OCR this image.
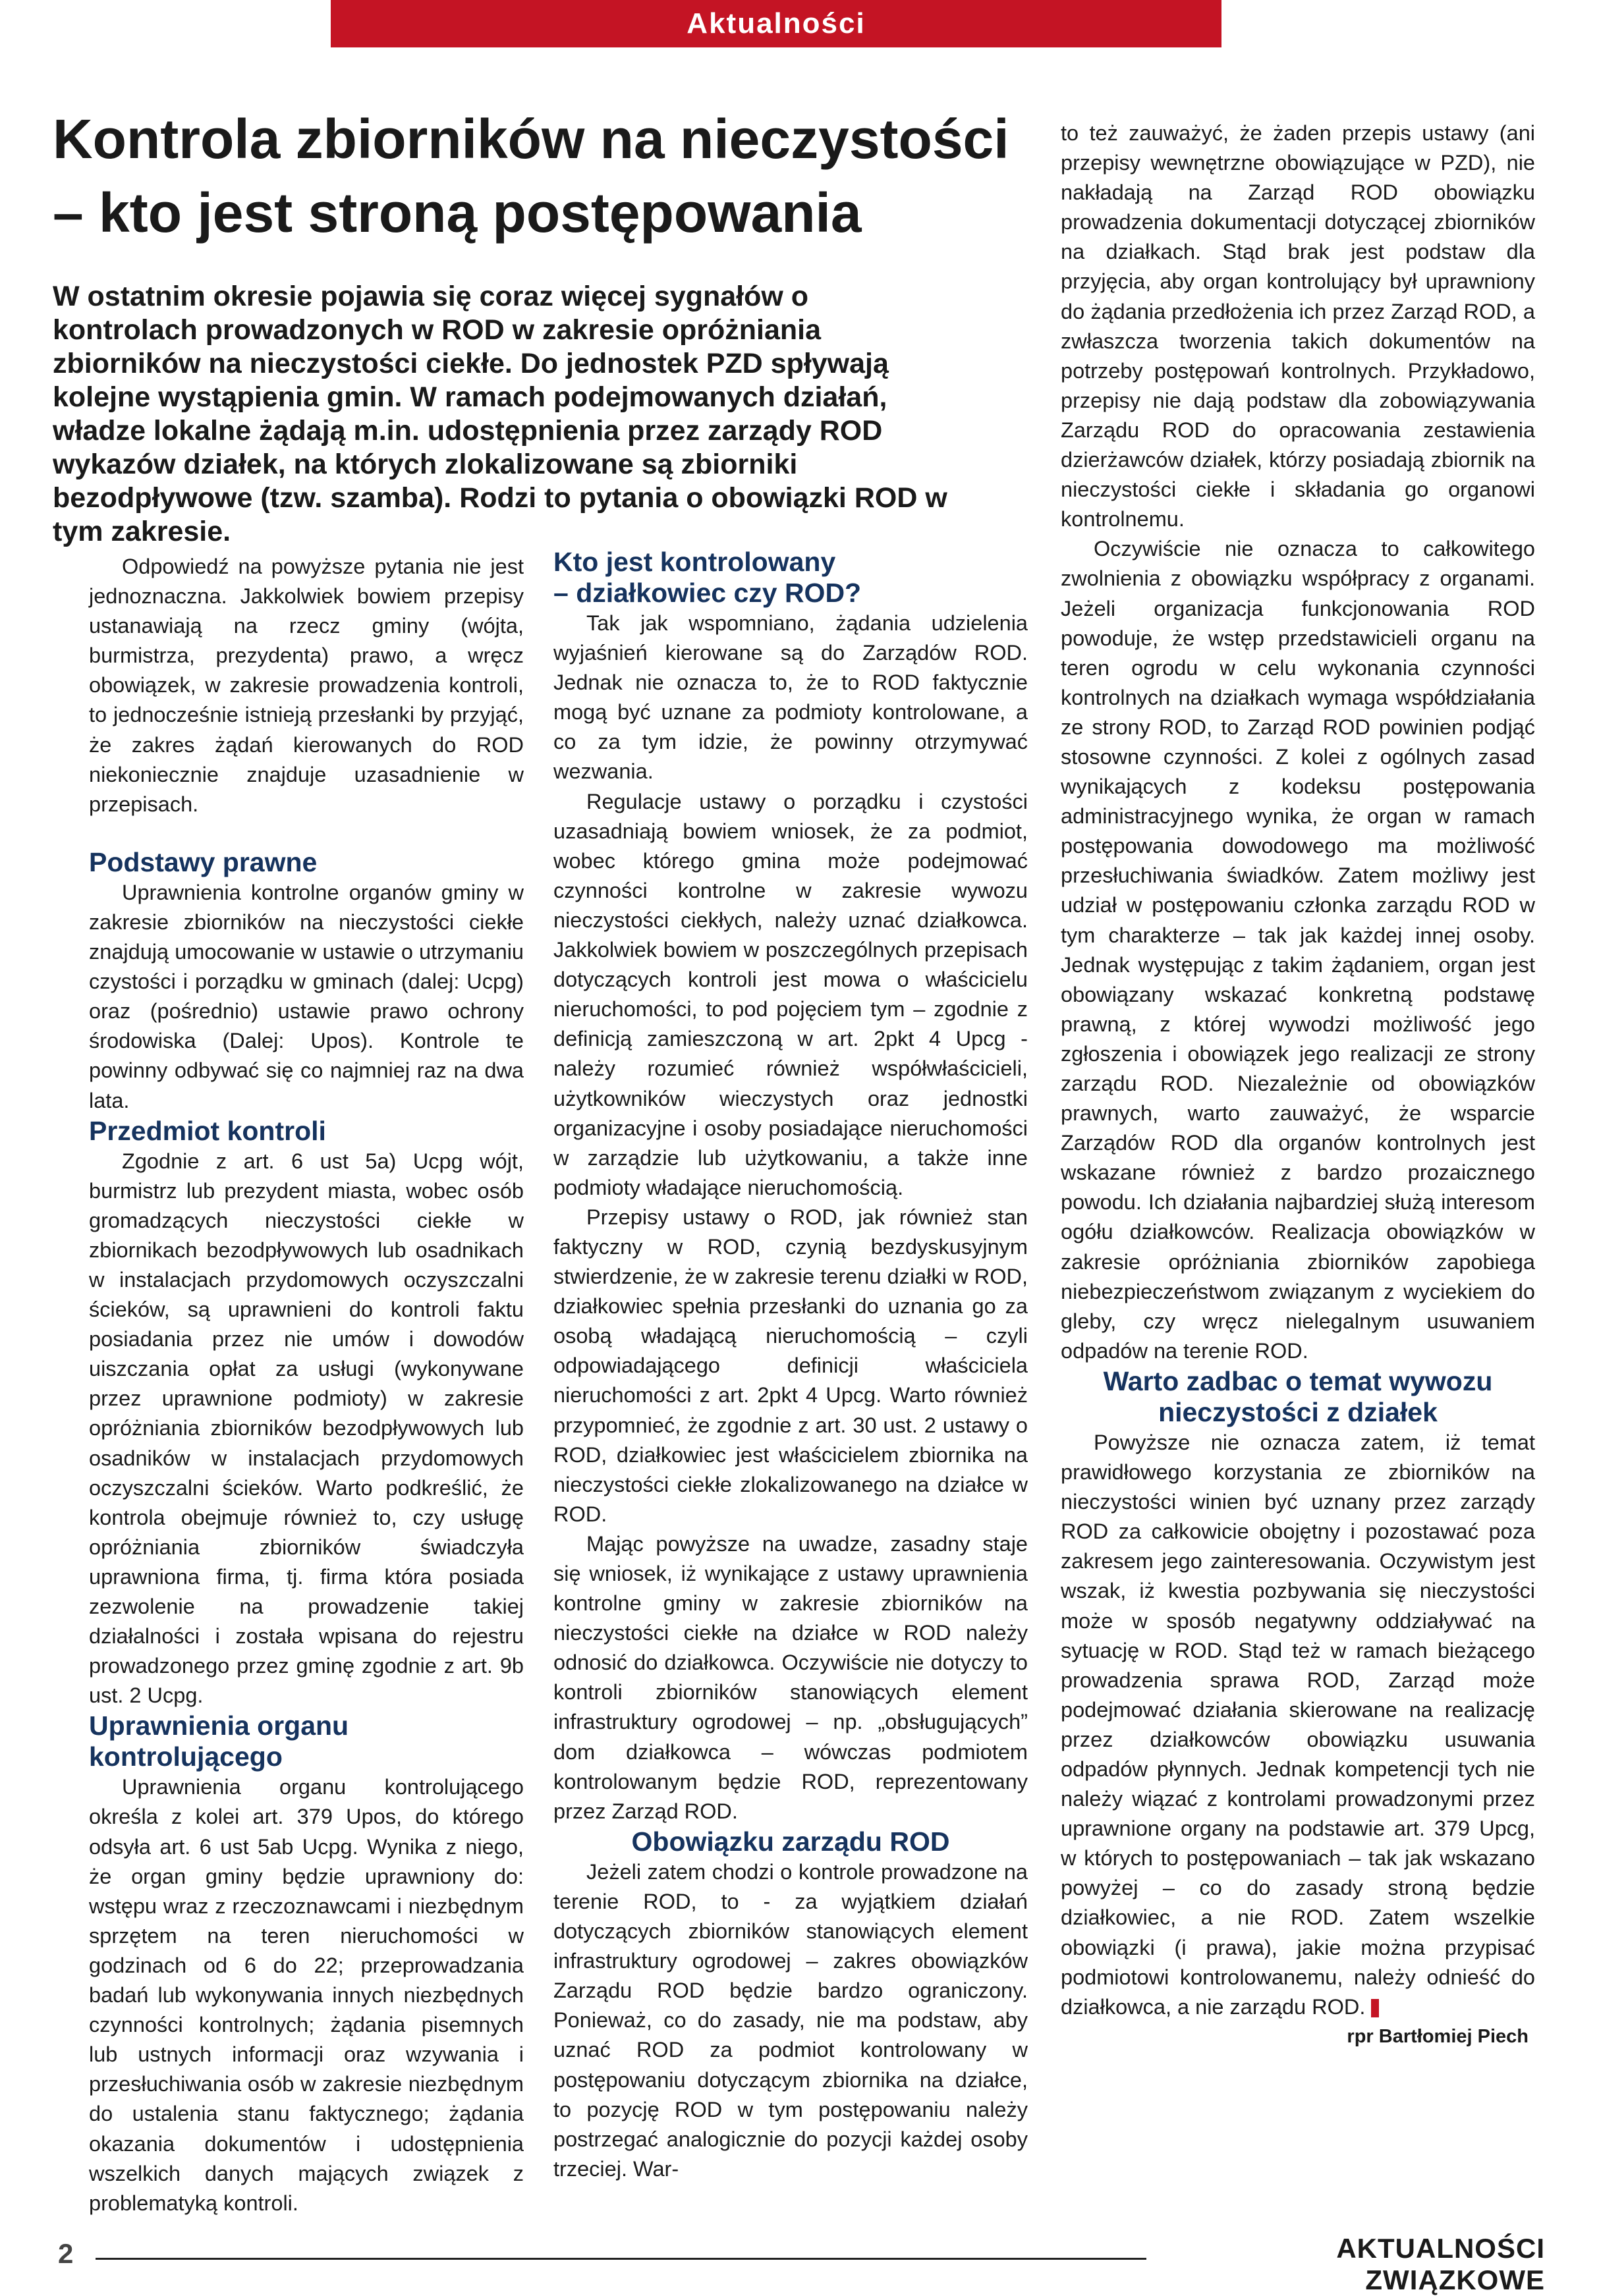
Aktualności
Kontrola zbiorników na nieczystości
– kto jest stroną postępowania
W ostatnim okresie pojawia się coraz więcej sygnałów o kontrolach prowadzonych w ROD w zakresie opróżniania zbiorników na nieczystości ciekłe. Do jednostek PZD spływają kolejne wystąpienia gmin. W ramach podejmowanych działań, władze lokalne żądają m.in. udostępnienia przez zarządy ROD wykazów działek, na których zlokalizowane są zbiorniki bezodpływowe (tzw. szamba). Rodzi to pytania o obowiązki ROD w tym zakresie.

Odpowiedź na powyższe pytania nie jest jednoznaczna. Jakkolwiek bowiem przepisy ustanawiają na rzecz gminy (wójta, burmistrza, prezydenta) prawo, a wręcz obowiązek, w zakresie prowadzenia kontroli, to jednocześnie istnieją przesłanki by przyjąć, że zakres żądań kierowanych do ROD niekoniecznie znajduje uzasadnienie w przepisach.

Podstawy prawne

Uprawnienia kontrolne organów gminy w zakresie zbiorników na nieczystości ciekłe znajdują umocowanie w ustawie o utrzymaniu czystości i porządku w gminach (dalej: Ucpg) oraz (pośrednio) ustawie prawo ochrony środowiska (Dalej: Upos). Kontrole te powinny odbywać się co najmniej raz na dwa lata.

Przedmiot kontroli

Zgodnie z art. 6 ust 5a) Ucpg wójt, burmistrz lub prezydent miasta, wobec osób gromadzących nieczystości ciekłe w zbiornikach bezodpływowych lub osadnikach w instalacjach przydomowych oczyszczalni ścieków, są uprawnieni do kontroli faktu posiadania przez nie umów i dowodów uiszczania opłat za usługi (wykonywane przez uprawnione podmioty) w zakresie opróżniania zbiorników bezodpływowych lub osadników w instalacjach przydomowych oczyszczalni ścieków. Warto podkreślić, że kontrola obejmuje również to, czy usługę opróżniania zbiorników świadczyła uprawniona firma, tj. firma która posiada zezwolenie na prowadzenie takiej działalności i została wpisana do rejestru prowadzonego przez gminę zgodnie z art. 9b ust. 2 Ucpg.

Uprawnienia organu
kontrolującego

Uprawnienia organu kontrolującego określa z kolei art. 379 Upos, do którego odsyła art. 6 ust 5ab Ucpg. Wynika z niego, że organ gminy będzie uprawniony do: wstępu wraz z rzeczoznawcami i niezbędnym sprzętem na teren nieruchomości w godzinach od 6 do 22; przeprowadzania badań lub wykonywania innych niezbędnych czynności kontrolnych; żądania pisemnych lub ustnych informacji oraz wzywania i przesłuchiwania osób w zakresie niezbędnym do ustalenia stanu faktycznego; żądania okazania dokumentów i udostępnienia wszelkich danych mających związek z problematyką kontroli.

Kto jest kontrolowany
– działkowiec czy ROD?

Tak jak wspomniano, żądania udzielenia wyjaśnień kierowane są do Zarządów ROD. Jednak nie oznacza to, że to ROD faktycznie mogą być uznane za podmioty kontrolowane, a co za tym idzie, że powinny otrzymywać wezwania.

Regulacje ustawy o porządku i czystości uzasadniają bowiem wniosek, że za podmiot, wobec którego gmina może podejmować czynności kontrolne w zakresie wywozu nieczystości ciekłych, należy uznać działkowca. Jakkolwiek bowiem w poszczególnych przepisach dotyczących kontroli jest mowa o właścicielu nieruchomości, to pod pojęciem tym – zgodnie z definicją zamieszczoną w art. 2pkt 4 Upcg - należy rozumieć również współwłaścicieli, użytkowników wieczystych oraz jednostki organizacyjne i osoby posiadające nieruchomości w zarządzie lub użytkowaniu, a także inne podmioty władające nieruchomością.

Przepisy ustawy o ROD, jak również stan faktyczny w ROD, czynią bezdyskusyjnym stwierdzenie, że w zakresie terenu działki w ROD, działkowiec spełnia przesłanki do uznania go za osobą władającą nieruchomością – czyli odpowiadającego definicji właściciela nieruchomości z art. 2pkt 4 Upcg. Warto również przypomnieć, że zgodnie z art. 30 ust. 2 ustawy o ROD, działkowiec jest właścicielem zbiornika na nieczystości ciekłe zlokalizowanego na działce w ROD.

Mając powyższe na uwadze, zasadny staje się wniosek, iż wynikające z ustawy uprawnienia kontrolne gminy w zakresie zbiorników na nieczystości ciekłe na działce w ROD należy odnosić do działkowca. Oczywiście nie dotyczy to kontroli zbiorników stanowiących element infrastruktury ogrodowej – np. „obsługujących” dom działkowca – wówczas podmiotem kontrolowanym będzie ROD, reprezentowany przez Zarząd ROD.

Obowiązku zarządu ROD

Jeżeli zatem chodzi o kontrole prowadzone na terenie ROD, to - za wyjątkiem działań dotyczących zbiorników stanowiących element infrastruktury ogrodowej – zakres obowiązków Zarządu ROD będzie bardzo ograniczony. Ponieważ, co do zasady, nie ma podstaw, aby uznać ROD za podmiot kontrolowany w postępowaniu dotyczącym zbiornika na działce, to pozycję ROD w tym postępowaniu należy postrzegać analogicznie do pozycji każdej osoby trzeciej. War-

to też zauważyć, że żaden przepis ustawy (ani przepisy wewnętrzne obowiązujące w PZD), nie nakładają na Zarząd ROD obowiązku prowadzenia dokumentacji dotyczącej zbiorników na działkach. Stąd brak jest podstaw dla przyjęcia, aby organ kontrolujący był uprawniony do żądania przedłożenia ich przez Zarząd ROD, a zwłaszcza tworzenia takich dokumentów na potrzeby postępowań kontrolnych. Przykładowo, przepisy nie dają podstaw dla zobowiązywania Zarządu ROD do opracowania zestawienia dzierżawców działek, którzy posiadają zbiornik na nieczystości ciekłe i składania go organowi kontrolnemu.

Oczywiście nie oznacza to całkowitego zwolnienia z obowiązku współpracy z organami. Jeżeli organizacja funkcjonowania ROD powoduje, że wstęp przedstawicieli organu na teren ogrodu w celu wykonania czynności kontrolnych na działkach wymaga współdziałania ze strony ROD, to Zarząd ROD powinien podjąć stosowne czynności. Z kolei z ogólnych zasad wynikających z kodeksu postępowania administracyjnego wynika, że organ w ramach postępowania dowodowego ma możliwość przesłuchiwania świadków. Zatem możliwy jest udział w postępowaniu członka zarządu ROD w tym charakterze – tak jak każdej innej osoby. Jednak występując z takim żądaniem, organ jest obowiązany wskazać konkretną podstawę prawną, z której wywodzi możliwość jego zgłoszenia i obowiązek jego realizacji ze strony zarządu ROD. Niezależnie od obowiązków prawnych, warto zauważyć, że wsparcie Zarządów ROD dla organów kontrolnych jest wskazane również z bardzo prozaicznego powodu. Ich działania najbardziej służą interesom ogółu działkowców. Realizacja obowiązków w zakresie opróżniania zbiorników zapobiega niebezpieczeństwom związanym z wyciekiem do gleby, czy wręcz nielegalnym usuwaniem odpadów na terenie ROD.

Warto zadbac o temat wywozu
nieczystości z działek

Powyższe nie oznacza zatem, iż temat prawidłowego korzystania ze zbiorników na nieczystości winien być uznany przez zarządy ROD za całkowicie obojętny i pozostawać poza zakresem jego zainteresowania. Oczywistym jest wszak, iż kwestia pozbywania się nieczystości może w sposób negatywny oddziaływać na sytuację w ROD. Stąd też w ramach bieżącego prowadzenia sprawa ROD, Zarząd może podejmować działania skierowane na realizację przez działkowców obowiązku usuwania odpadów płynnych. Jednak kompetencji tych nie należy wiązać z kontrolami prowadzonymi przez uprawnione organy na podstawie art. 379 Upcg, w których to postępowaniach – tak jak wskazano powyżej – co do zasady stroną będzie działkowiec, a nie ROD. Zatem wszelkie obowiązki (i prawa), jakie można przypisać podmiotowi kontrolowanemu, należy odnieść do działkowca, a nie zarządu ROD.
rpr Bartłomiej Piech

2	AKTUALNOŚCI ZWIĄZKOWE
